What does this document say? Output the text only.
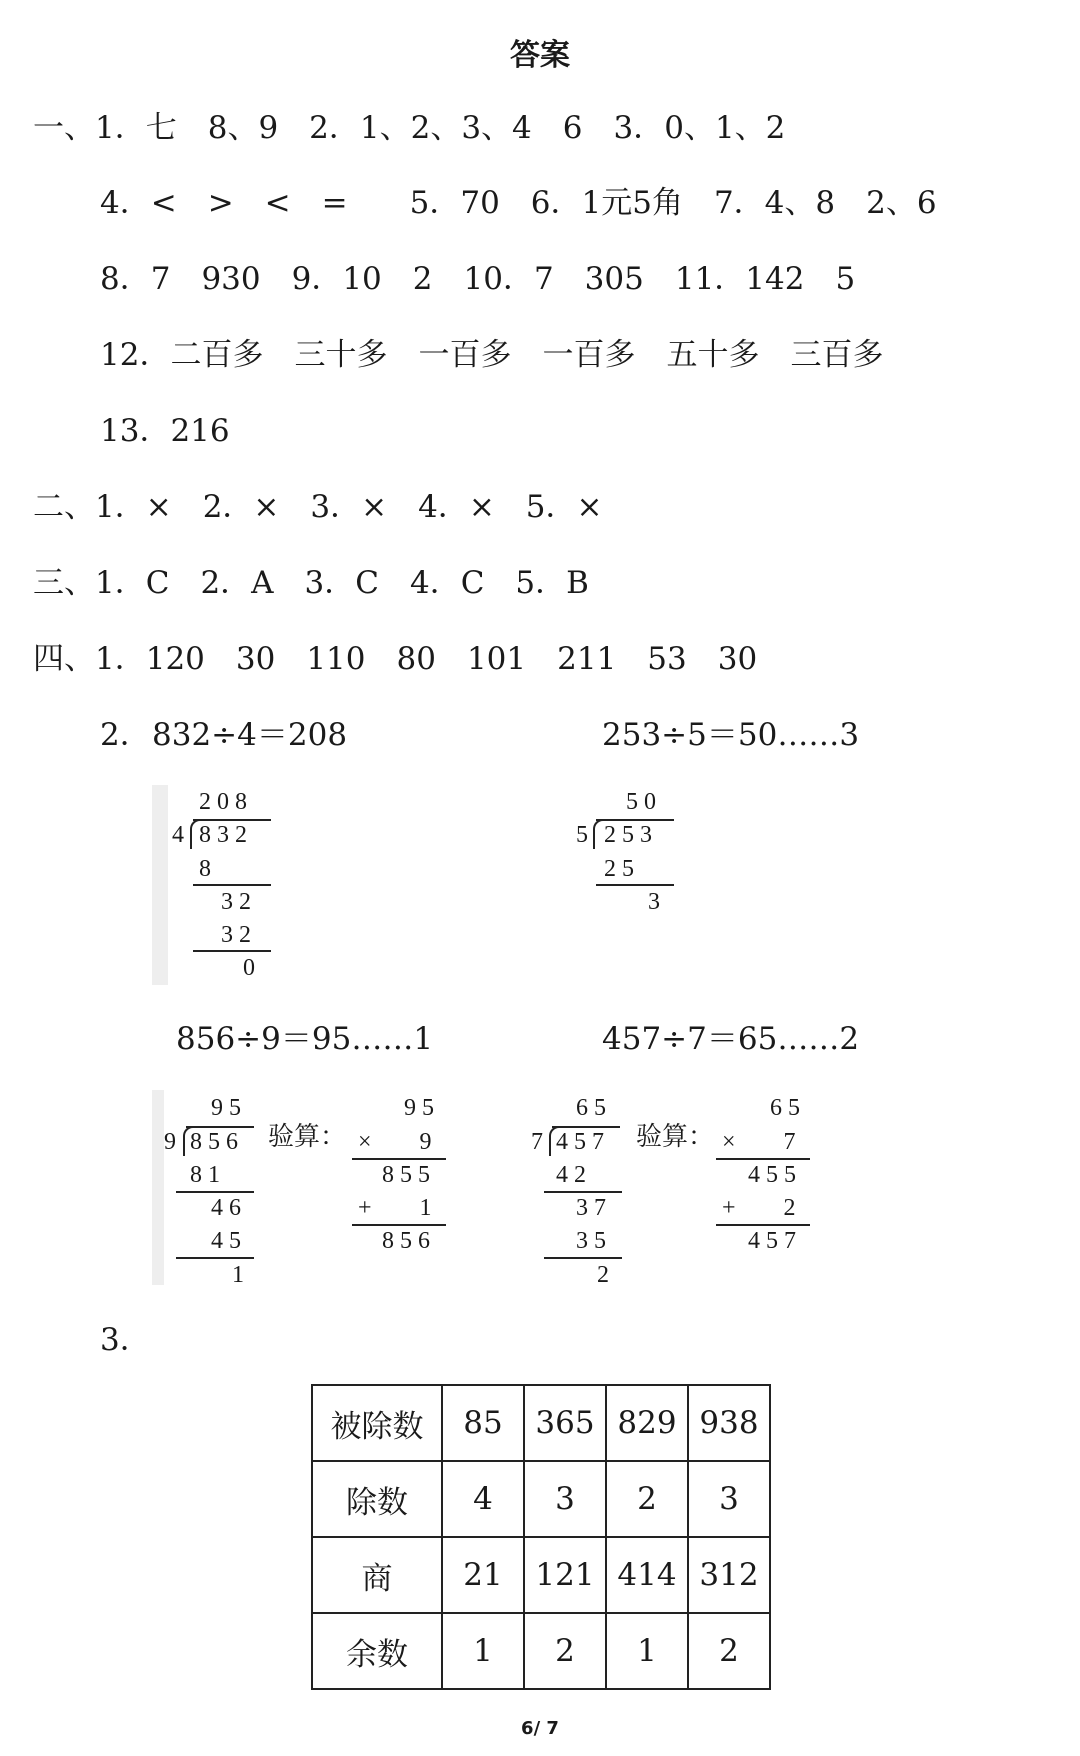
答案
一、1．七　8、9　2．1、2、3、4　6　3．0、1、2
4．<　>　<　=　　5．70　6．1元5角　7．4、8　2、6
8．7　930　9．10　2　10．7　305　11．142　5
12．二百多　三十多　一百多　一百多　五十多　三百多
13．216
二、1．×　2．×　3．×　4．×　5．×
三、1．C　2．A　3．C　4．C　5．B
四、1．120　30　110　80　101　211　53　30
2． 832÷4＝208	253÷5＝50……3
208
4 832
8
32
32
0
50
5 253
25
3
856÷9＝95……1	457÷7＝65……2
95
9 856
81
46
45
1
验算：
95
× 　9
855
+ 　1
856
65
7 457
42
37
35
2
验算：
65
× 　7
455
+ 　2
457
3．
被除数	85	365	829	938
除数	4	3	2	3
商	21	121	414	312
余数	1	2	1	2
6/ 7
